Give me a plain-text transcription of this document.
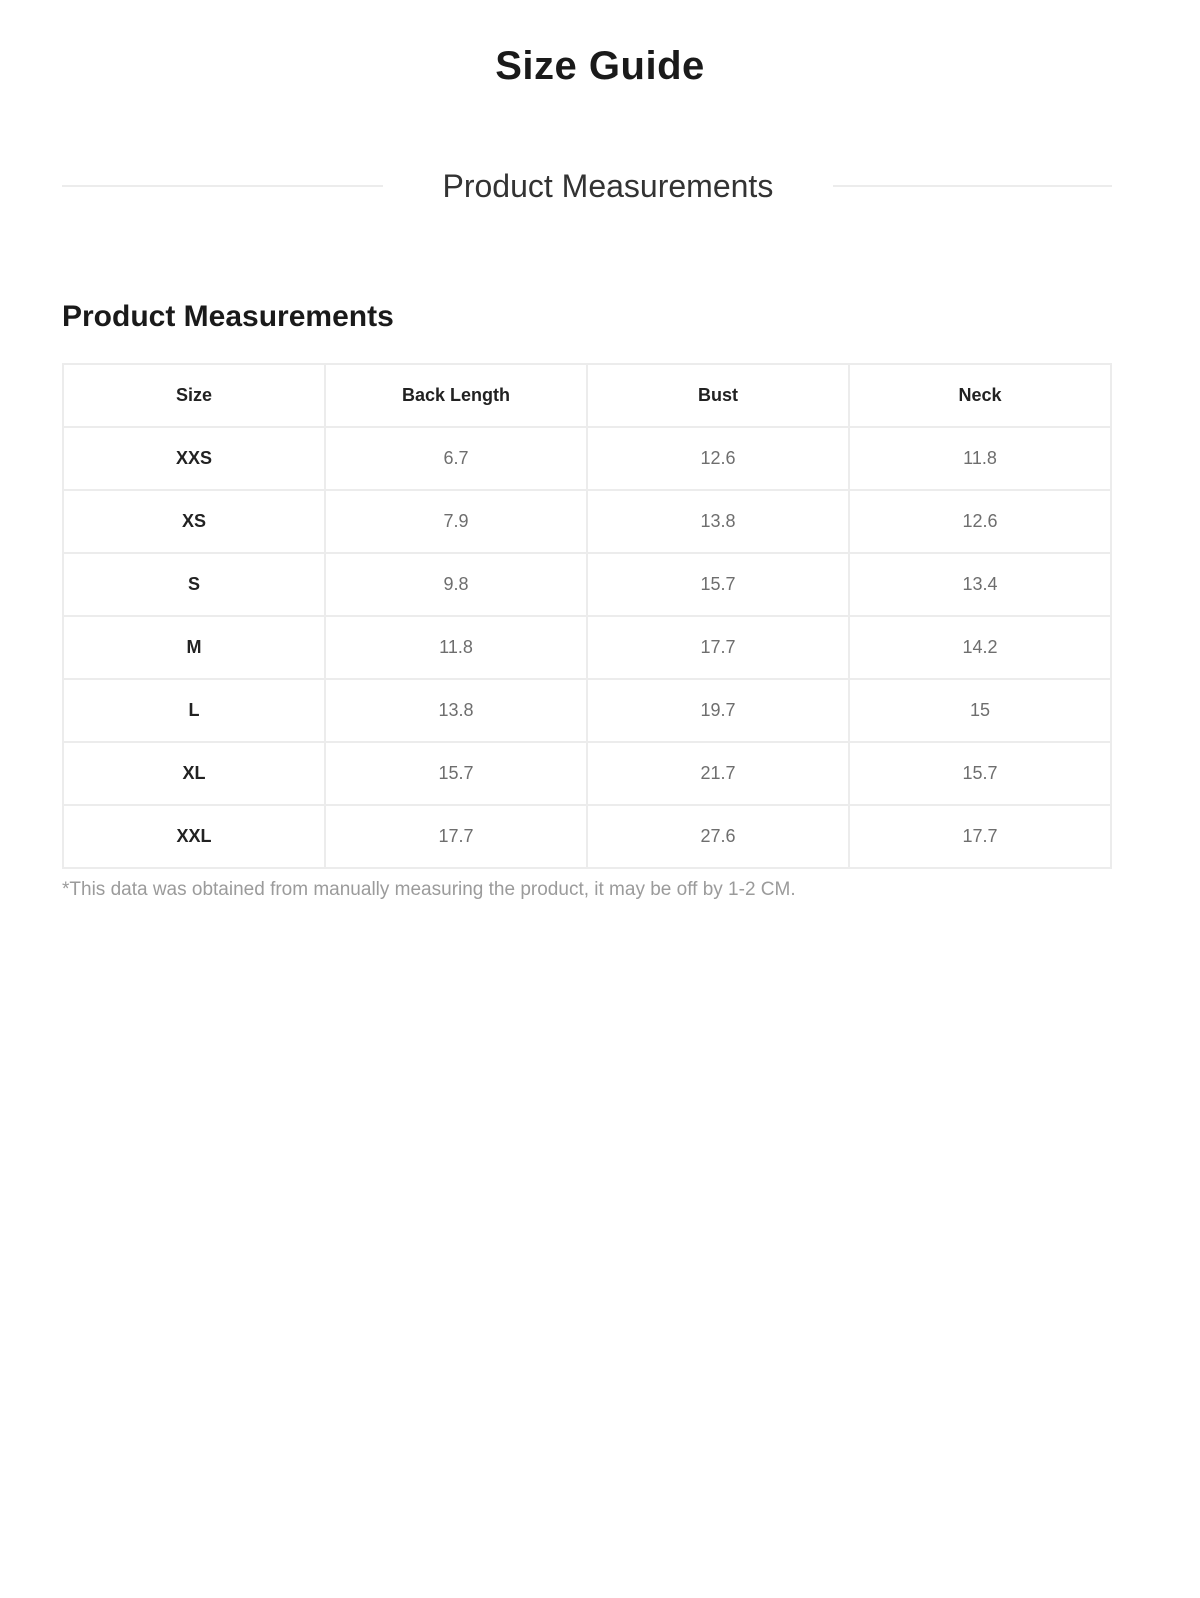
Size Guide
Product Measurements
Product Measurements
Size	Back Length	Bust	Neck
XXS	6.7	12.6	11.8
XS	7.9	13.8	12.6
S	9.8	15.7	13.4
M	11.8	17.7	14.2
L	13.8	19.7	15
XL	15.7	21.7	15.7
XXL	17.7	27.6	17.7

*This data was obtained from manually measuring the product, it may be off by 1-2 CM.
